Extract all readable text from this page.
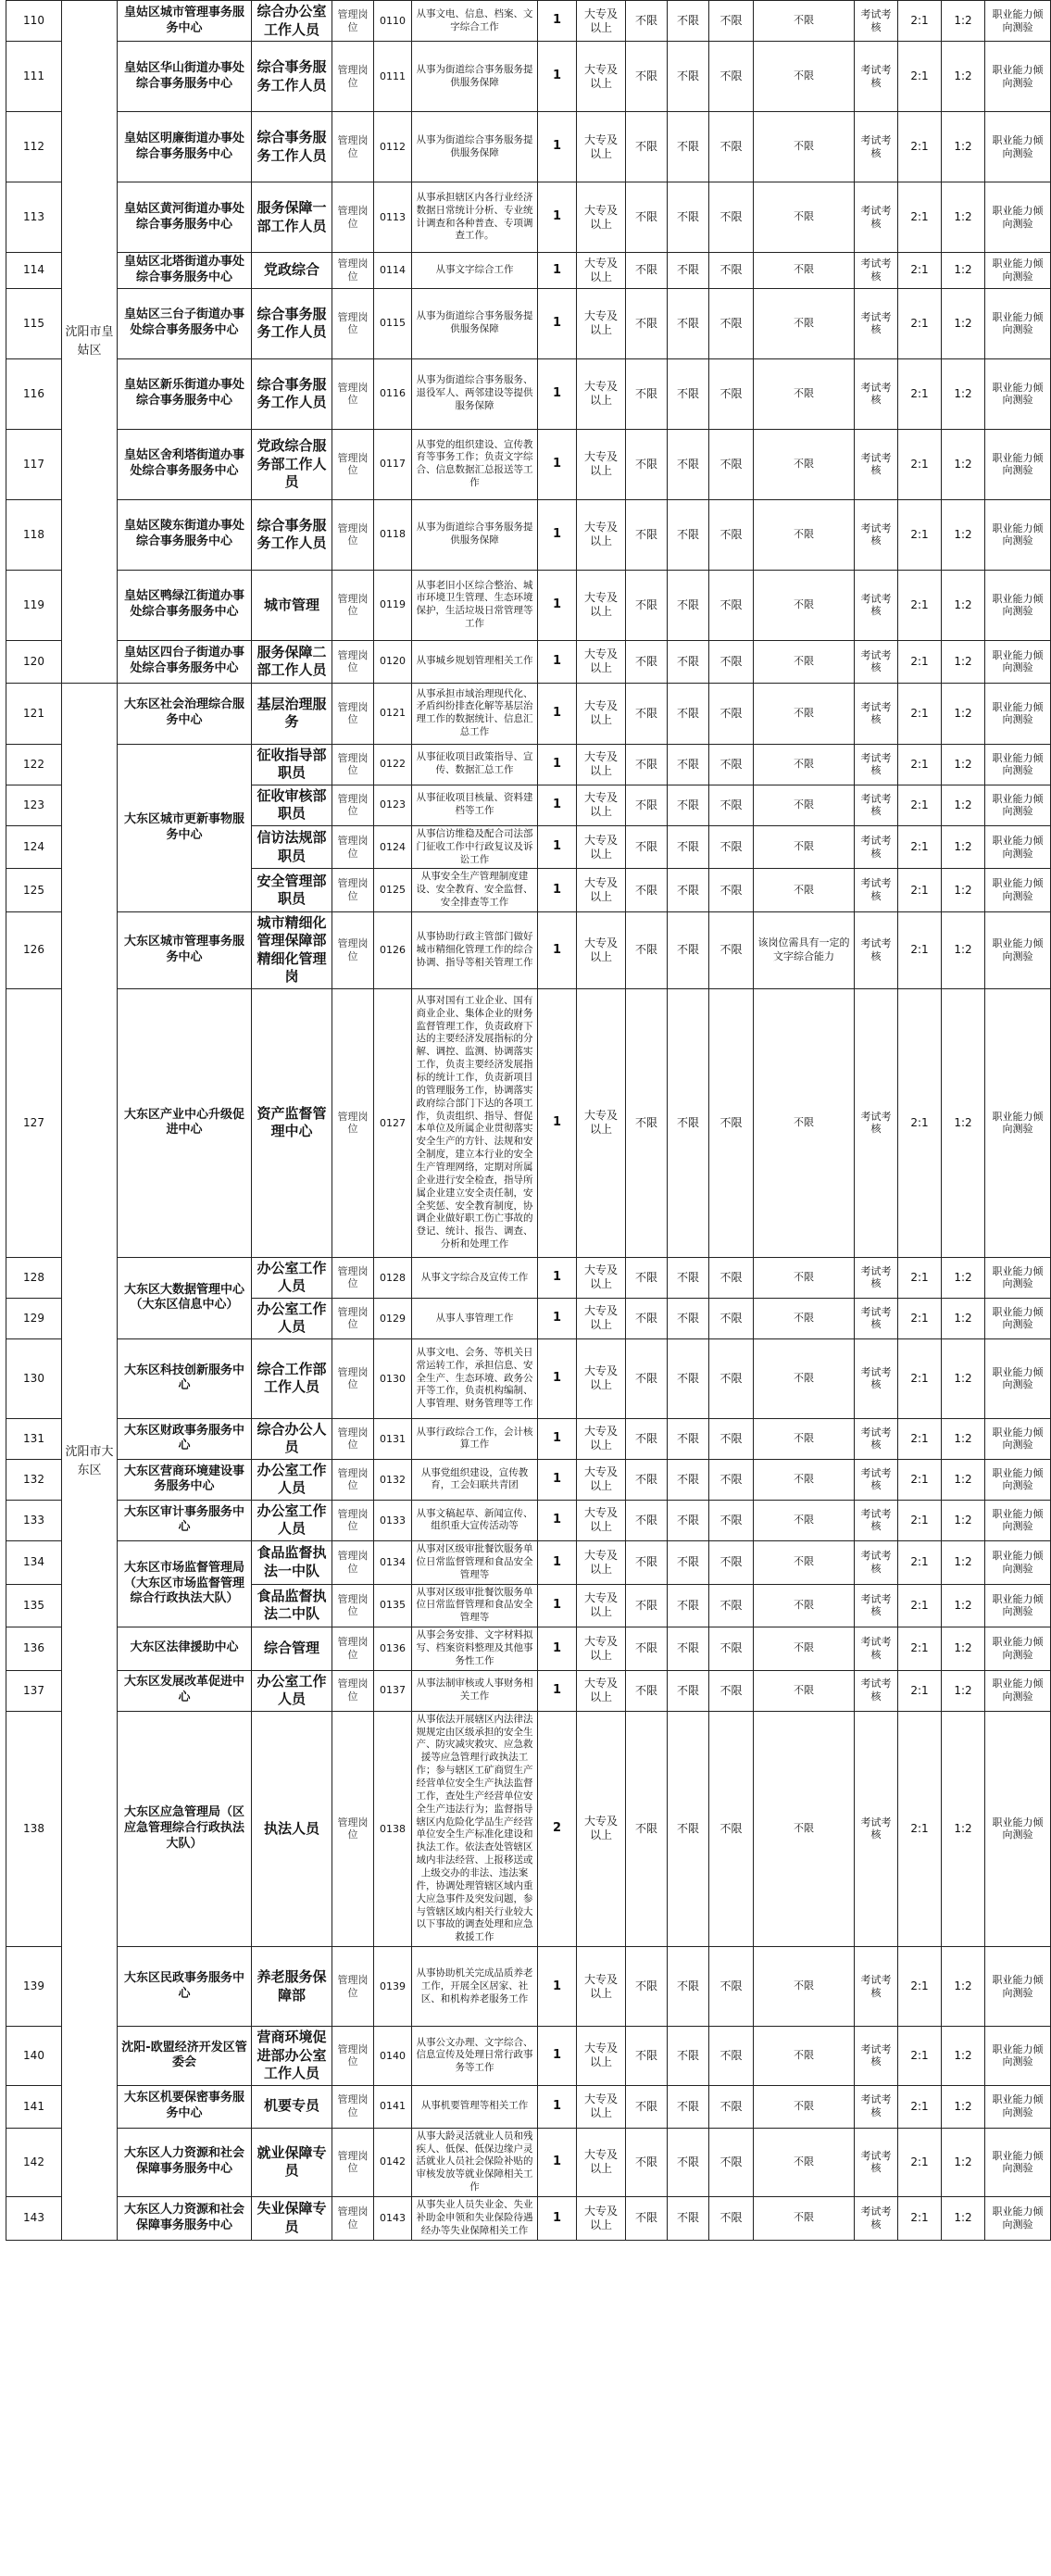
110	沈阳市皇姑区	皇姑区城市管理事务服务中心	综合办公室工作人员	管理岗位	0110	从事文电、信息、档案、文字综合工作	1	大专及以上	不限	不限	不限	不限	考试考核	2:1	1:2	职业能力倾向测验
111		皇姑区华山街道办事处综合事务服务中心	综合事务服务工作人员	管理岗位	0111	从事为街道综合事务服务提供服务保障	1	大专及以上	不限	不限	不限	不限	考试考核	2:1	1:2	职业能力倾向测验
112		皇姑区明廉街道办事处综合事务服务中心	综合事务服务工作人员	管理岗位	0112	从事为街道综合事务服务提供服务保障	1	大专及以上	不限	不限	不限	不限	考试考核	2:1	1:2	职业能力倾向测验
113		皇姑区黄河街道办事处综合事务服务中心	服务保障一部工作人员	管理岗位	0113	从事承担辖区内各行业经济数据日常统计分析、专业统计调查和各种普查、专项调查工作。	1	大专及以上	不限	不限	不限	不限	考试考核	2:1	1:2	职业能力倾向测验
114		皇姑区北塔街道办事处综合事务服务中心	党政综合	管理岗位	0114	从事文字综合工作	1	大专及以上	不限	不限	不限	不限	考试考核	2:1	1:2	职业能力倾向测验
115		皇姑区三台子街道办事处综合事务服务中心	综合事务服务工作人员	管理岗位	0115	从事为街道综合事务服务提供服务保障	1	大专及以上	不限	不限	不限	不限	考试考核	2:1	1:2	职业能力倾向测验
116		皇姑区新乐街道办事处综合事务服务中心	综合事务服务工作人员	管理岗位	0116	从事为街道综合事务服务、退役军人、两邻建设等提供服务保障	1	大专及以上	不限	不限	不限	不限	考试考核	2:1	1:2	职业能力倾向测验
117		皇姑区舍利塔街道办事处综合事务服务中心	党政综合服务部工作人员	管理岗位	0117	从事党的组织建设、宣传教育等事务工作；负责文字综合、信息数据汇总报送等工作	1	大专及以上	不限	不限	不限	不限	考试考核	2:1	1:2	职业能力倾向测验
118		皇姑区陵东街道办事处综合事务服务中心	综合事务服务工作人员	管理岗位	0118	从事为街道综合事务服务提供服务保障	1	大专及以上	不限	不限	不限	不限	考试考核	2:1	1:2	职业能力倾向测验
119		皇姑区鸭绿江街道办事处综合事务服务中心	城市管理	管理岗位	0119	从事老旧小区综合整治、城市环境卫生管理、生态环境保护，生活垃圾日常管理等工作	1	大专及以上	不限	不限	不限	不限	考试考核	2:1	1:2	职业能力倾向测验
120		皇姑区四台子街道办事处综合事务服务中心	服务保障二部工作人员	管理岗位	0120	从事城乡规划管理相关工作	1	大专及以上	不限	不限	不限	不限	考试考核	2:1	1:2	职业能力倾向测验
121	沈阳市大东区	大东区社会治理综合服务中心	基层治理服务	管理岗位	0121	从事承担市域治理现代化、矛盾纠纷排查化解等基层治理工作的数据统计、信息汇总工作	1	大专及以上	不限	不限	不限	不限	考试考核	2:1	1:2	职业能力倾向测验
122		大东区城市更新事物服务中心	征收指导部职员	管理岗位	0122	从事征收项目政策指导、宣传、数据汇总工作	1	大专及以上	不限	不限	不限	不限	考试考核	2:1	1:2	职业能力倾向测验
123			征收审核部职员	管理岗位	0123	从事征收项目核量、资料建档等工作	1	大专及以上	不限	不限	不限	不限	考试考核	2:1	1:2	职业能力倾向测验
124			信访法规部职员	管理岗位	0124	从事信访维稳及配合司法部门征收工作中行政复议及诉讼工作	1	大专及以上	不限	不限	不限	不限	考试考核	2:1	1:2	职业能力倾向测验
125			安全管理部职员	管理岗位	0125	从事安全生产管理制度建设、安全教育、安全监督、安全排查等工作	1	大专及以上	不限	不限	不限	不限	考试考核	2:1	1:2	职业能力倾向测验
126		大东区城市管理事务服务中心	城市精细化管理保障部精细化管理岗	管理岗位	0126	从事协助行政主管部门做好城市精细化管理工作的综合协调、指导等相关管理工作	1	大专及以上	不限	不限	不限	该岗位需具有一定的文字综合能力	考试考核	2:1	1:2	职业能力倾向测验
127		大东区产业中心升级促进中心	资产监督管理中心	管理岗位	0127	从事对国有工业企业、国有商业企业、集体企业的财务监督管理工作，负责政府下达的主要经济发展指标的分解、调控、监测、协调落实工作，负责主要经济发展指标的统计工作，负责新项目的管理服务工作，协调落实政府综合部门下达的各项工作，负责组织、指导、督促本单位及所属企业贯彻落实安全生产的方针、法规和安全制度，建立本行业的安全生产管理网络，定期对所属企业进行安全检查，指导所属企业建立安全责任制，安全奖惩、安全教育制度，协调企业做好职工伤亡事故的登记、统计、报告、调查、分析和处理工作	1	大专及以上	不限	不限	不限	不限	考试考核	2:1	1:2	职业能力倾向测验
128		大东区大数据管理中心（大东区信息中心）	办公室工作人员	管理岗位	0128	从事文字综合及宣传工作	1	大专及以上	不限	不限	不限	不限	考试考核	2:1	1:2	职业能力倾向测验
129			办公室工作人员	管理岗位	0129	从事人事管理工作	1	大专及以上	不限	不限	不限	不限	考试考核	2:1	1:2	职业能力倾向测验
130		大东区科技创新服务中心	综合工作部工作人员	管理岗位	0130	从事文电、会务、等机关日常运转工作，承担信息、安全生产、生态环境、政务公开等工作，负责机构编制、人事管理、财务管理等工作	1	大专及以上	不限	不限	不限	不限	考试考核	2:1	1:2	职业能力倾向测验
131		大东区财政事务服务中心	综合办公人员	管理岗位	0131	从事行政综合工作，会计核算工作	1	大专及以上	不限	不限	不限	不限	考试考核	2:1	1:2	职业能力倾向测验
132		大东区营商环境建设事务服务中心	办公室工作人员	管理岗位	0132	从事党组织建设，宣传教育，工会妇联共青团	1	大专及以上	不限	不限	不限	不限	考试考核	2:1	1:2	职业能力倾向测验
133		大东区审计事务服务中心	办公室工作人员	管理岗位	0133	从事文稿起草、新闻宣传、组织重大宣传活动等	1	大专及以上	不限	不限	不限	不限	考试考核	2:1	1:2	职业能力倾向测验
134		大东区市场监督管理局（大东区市场监督管理综合行政执法大队）	食品监督执法一中队	管理岗位	0134	从事对区级审批餐饮服务单位日常监督管理和食品安全管理等	1	大专及以上	不限	不限	不限	不限	考试考核	2:1	1:2	职业能力倾向测验
135			食品监督执法二中队	管理岗位	0135	从事对区级审批餐饮服务单位日常监督管理和食品安全管理等	1	大专及以上	不限	不限	不限	不限	考试考核	2:1	1:2	职业能力倾向测验
136		大东区法律援助中心	综合管理	管理岗位	0136	从事会务安排、文字材料拟写、档案资料整理及其他事务性工作	1	大专及以上	不限	不限	不限	不限	考试考核	2:1	1:2	职业能力倾向测验
137		大东区发展改革促进中心	办公室工作人员	管理岗位	0137	从事法制审核或人事财务相关工作	1	大专及以上	不限	不限	不限	不限	考试考核	2:1	1:2	职业能力倾向测验
138		大东区应急管理局（区应急管理综合行政执法大队）	执法人员	管理岗位	0138	从事依法开展辖区内法律法规规定由区级承担的安全生产、防灾减灾救灾、应急救援等应急管理行政执法工作；参与辖区工矿商贸生产经营单位安全生产执法监督工作，查处生产经营单位安全生产违法行为；监督指导辖区内危险化学品生产经营单位安全生产标准化建设和执法工作。依法查处管辖区域内非法经营、上报移送或上级交办的非法、违法案件，协调处理管辖区域内重大应急事件及突发问题，参与管辖区域内相关行业较大以下事故的调查处理和应急救援工作	2	大专及以上	不限	不限	不限	不限	考试考核	2:1	1:2	职业能力倾向测验
139		大东区民政事务服务中心	养老服务保障部	管理岗位	0139	从事协助机关完成品质养老工作，开展全区居家、社区、和机构养老服务工作	1	大专及以上	不限	不限	不限	不限	考试考核	2:1	1:2	职业能力倾向测验
140		沈阳-欧盟经济开发区管委会	营商环境促进部办公室工作人员	管理岗位	0140	从事公文办理、文字综合、信息宣传及处理日常行政事务等工作	1	大专及以上	不限	不限	不限	不限	考试考核	2:1	1:2	职业能力倾向测验
141		大东区机要保密事务服务中心	机要专员	管理岗位	0141	从事机要管理等相关工作	1	大专及以上	不限	不限	不限	不限	考试考核	2:1	1:2	职业能力倾向测验
142		大东区人力资源和社会保障事务服务中心	就业保障专员	管理岗位	0142	从事大龄灵活就业人员和残疾人、低保、低保边缘户灵活就业人员社会保险补贴的审核发放等就业保障相关工作	1	大专及以上	不限	不限	不限	不限	考试考核	2:1	1:2	职业能力倾向测验
143		大东区人力资源和社会保障事务服务中心	失业保障专员	管理岗位	0143	从事失业人员失业金、失业补助金申领和失业保险待遇经办等失业保障相关工作	1	大专及以上	不限	不限	不限	不限	考试考核	2:1	1:2	职业能力倾向测验
